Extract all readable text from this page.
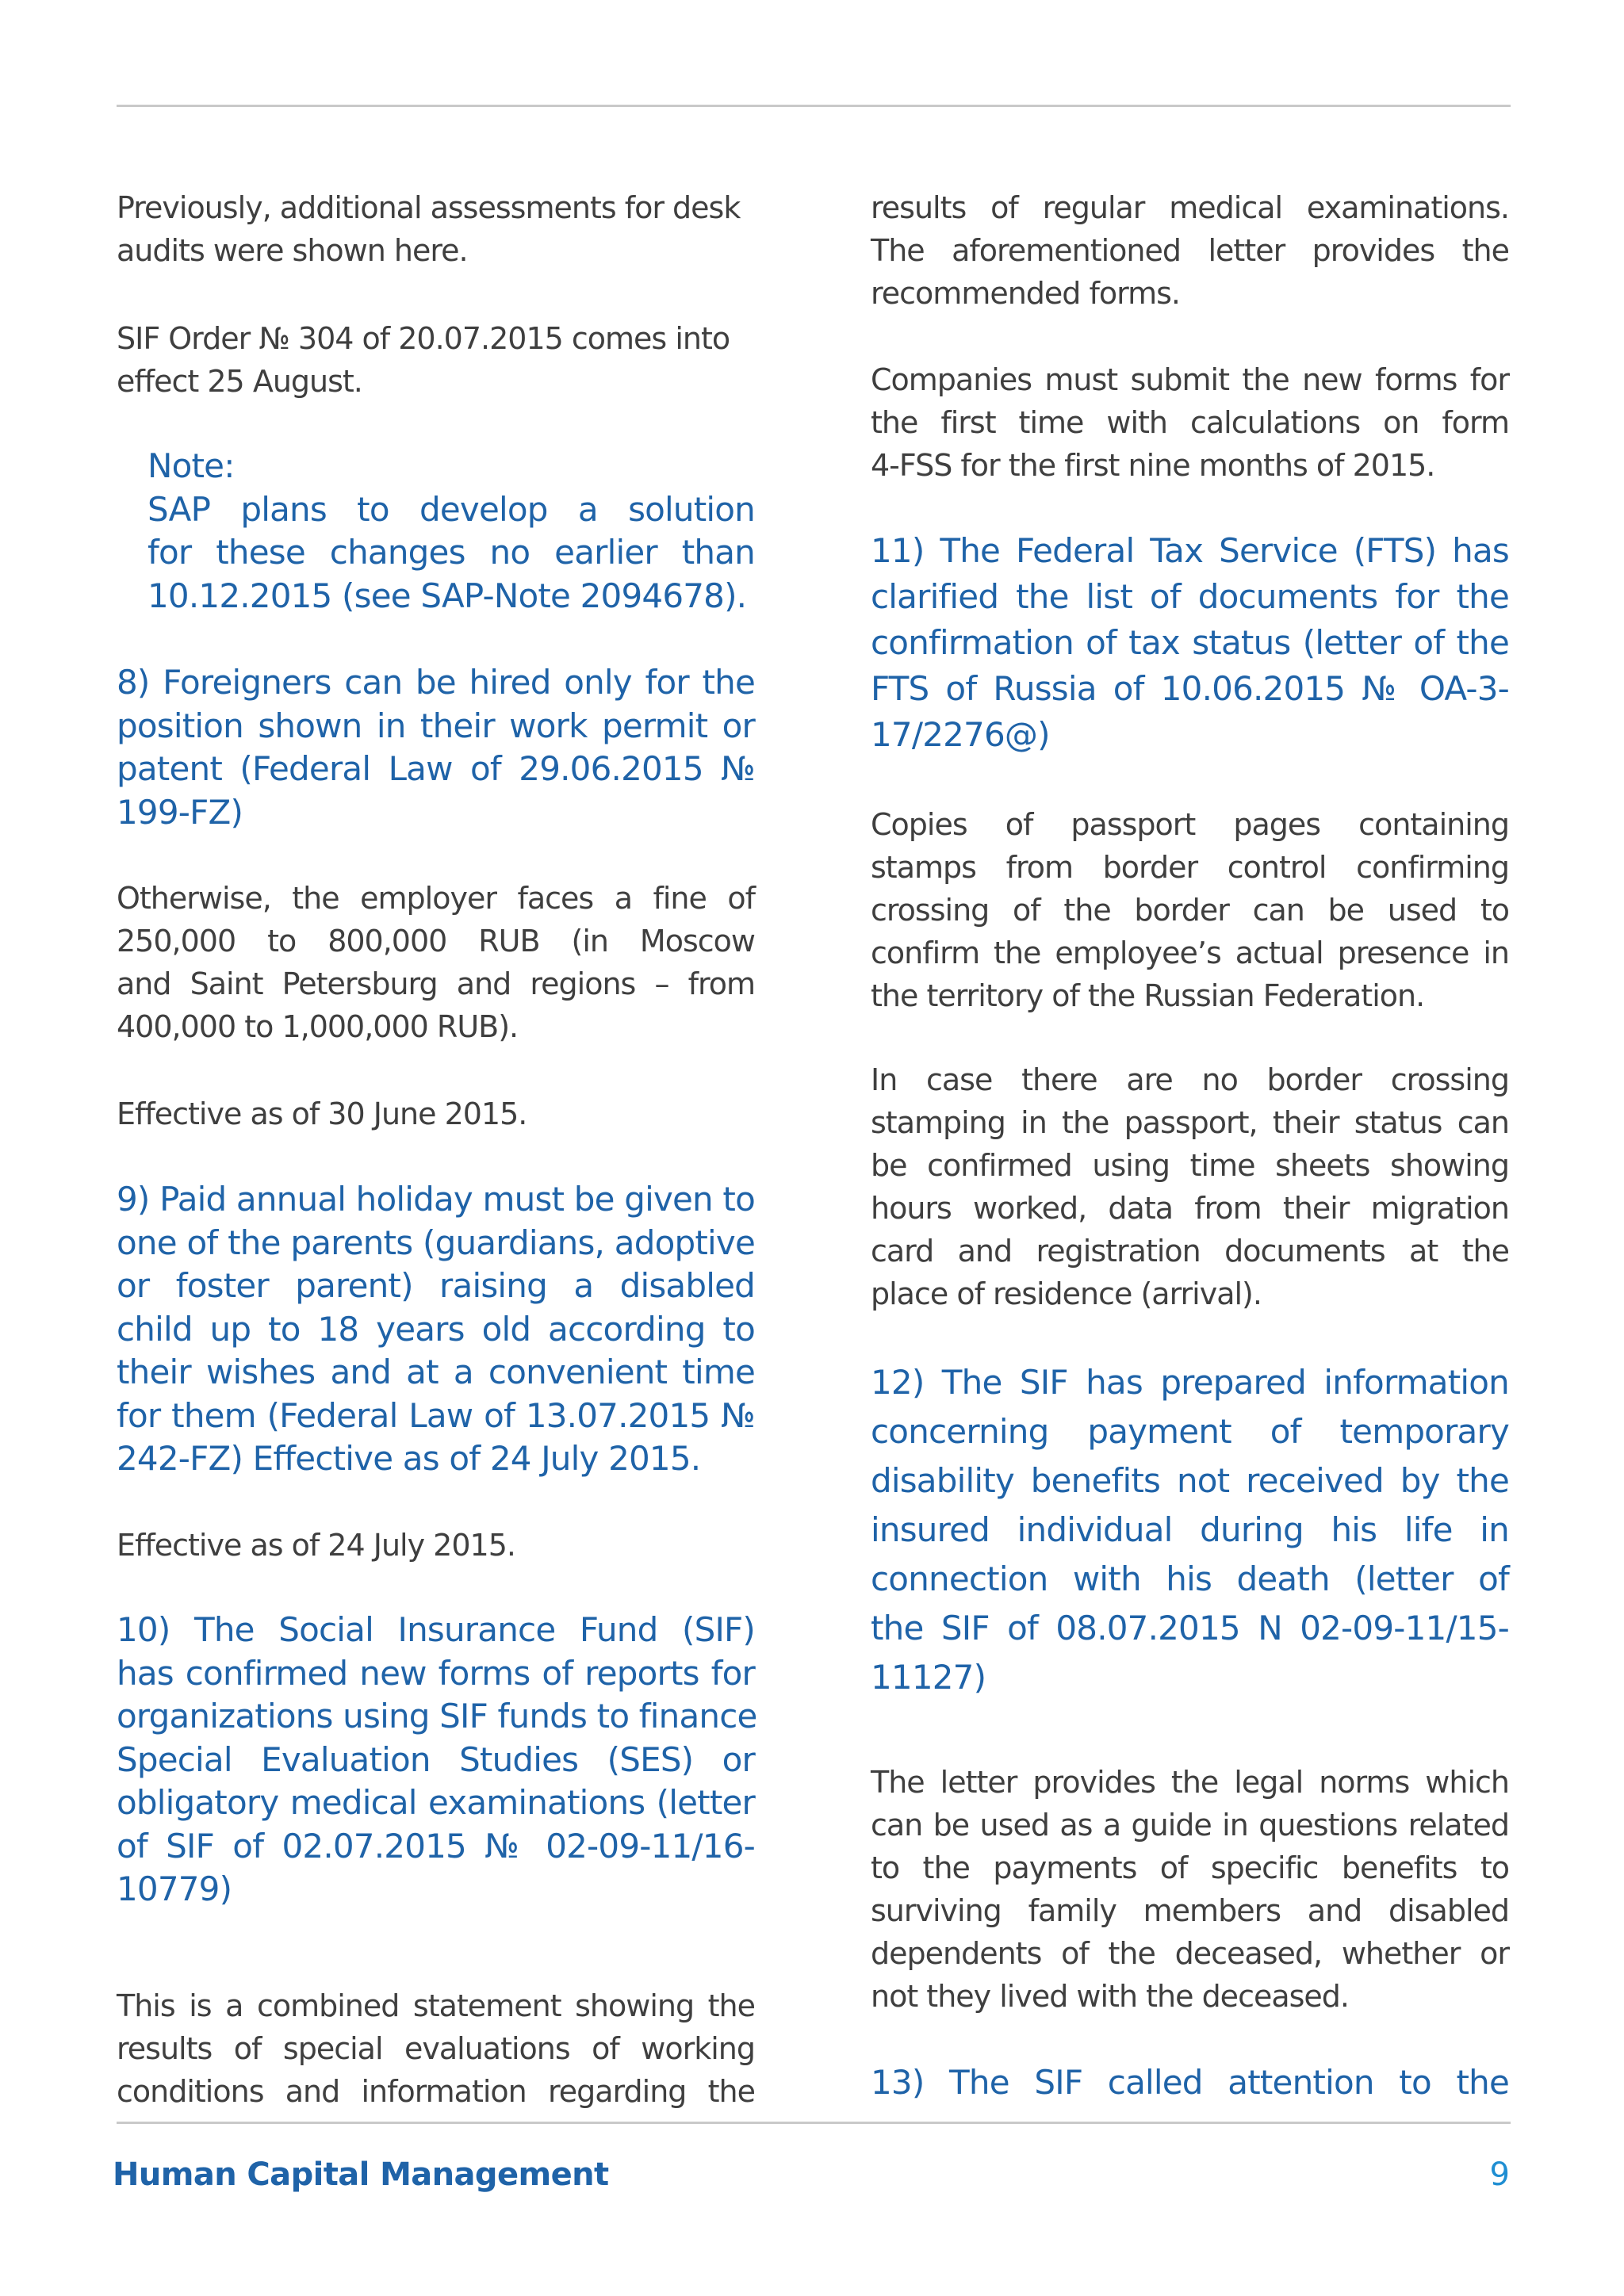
Previously, additional assessments for desk
audits were shown here.
SIF Order № 304 of 20.07.2015 comes into
effect 25 August.
Note:
SAP plans to develop a solution
for these changes no earlier than
10.12.2015 (see SAP-Note 2094678).
8) Foreigners can be hired only for the
position shown in their work permit or
patent (Federal Law of 29.06.2015 №
199-FZ)
Otherwise, the employer faces a fine of
250,000 to 800,000 RUB (in Moscow
and Saint Petersburg and regions – from
400,000 to 1,000,000 RUB).
Effective as of 30 June 2015.
9) Paid annual holiday must be given to
one of the parents (guardians, adoptive
or foster parent) raising a disabled
child up to 18 years old according to
their wishes and at a convenient time
for them (Federal Law of 13.07.2015 №
242-FZ) Effective as of 24 July 2015.
Effective as of 24 July 2015.
10) The Social Insurance Fund (SIF)
has confirmed new forms of reports for
organizations using SIF funds to finance
Special Evaluation Studies (SES) or
obligatory medical examinations (letter
of SIF of 02.07.2015 № 02-09-11/16-
10779)
This is a combined statement showing the
results of special evaluations of working
conditions and information regarding the
results of regular medical examinations.
The aforementioned letter provides the
recommended forms.
Companies must submit the new forms for
the first time with calculations on form
4-FSS for the first nine months of 2015.
11) The Federal Tax Service (FTS) has
clarified the list of documents for the
confirmation of tax status (letter of the
FTS of Russia of 10.06.2015 № OA-3-
17/2276@)
Copies of passport pages containing
stamps from border control confirming
crossing of the border can be used to
confirm the employee’s actual presence in
the territory of the Russian Federation.
In case there are no border crossing
stamping in the passport, their status can
be confirmed using time sheets showing
hours worked, data from their migration
card and registration documents at the
place of residence (arrival).
12) The SIF has prepared information
concerning payment of temporary
disability benefits not received by the
insured individual during his life in
connection with his death (letter of
the SIF of 08.07.2015 N 02-09-11/15-
11127)
The letter provides the legal norms which
can be used as a guide in questions related
to the payments of specific benefits to
surviving family members and disabled
dependents of the deceased, whether or
not they lived with the deceased.
13) The SIF called attention to the
Human Capital Management	9
